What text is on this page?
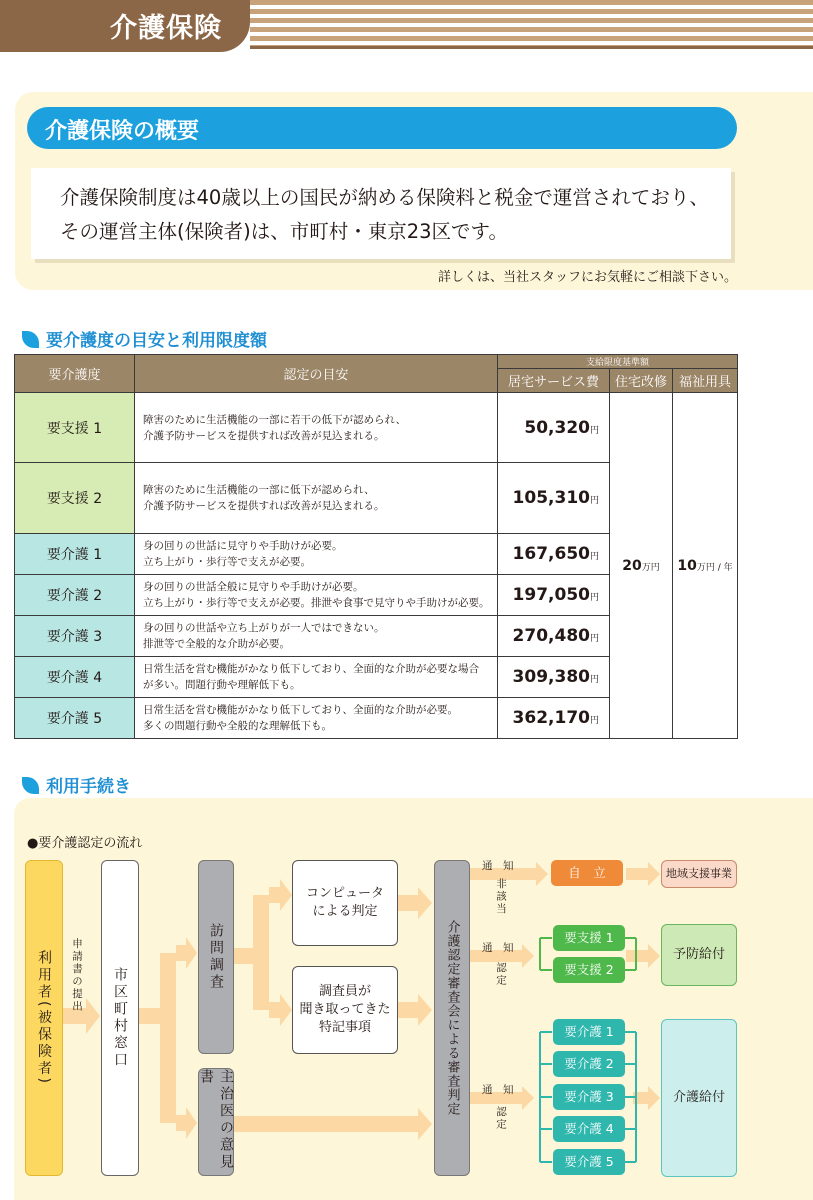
介護保険
介護保険の概要
介護保険制度は40歳以上の国民が納める保険料と税金で運営されており、
その運営主体(保険者)は、市町村・東京23区です。
詳しくは、当社スタッフにお気軽にご相談下さい。
要介護度の目安と利用限度額
要介護度	認定の目安	支給限度基準額		
		居宅サービス費	住宅改修	福祉用具
要支援 1	障害のために生活機能の一部に若干の低下が認められ、
介護予防サービスを提供すれば改善が見込まれる。	50,320円	20万円	10万円 / 年
要支援 2	障害のために生活機能の一部に低下が認められ、
介護予防サービスを提供すれば改善が見込まれる。	105,310円		
要介護 1	身の回りの世話に見守りや手助けが必要。
立ち上がり・歩行等で支えが必要。	167,650円		
要介護 2	身の回りの世話全般に見守りや手助けが必要。
立ち上がり・歩行等で支えが必要。排泄や食事で見守りや手助けが必要。	197,050円		
要介護 3	身の回りの世話や立ち上がりが一人ではできない。
排泄等で全般的な介助が必要。	270,480円		
要介護 4	日常生活を営む機能がかなり低下しており、全面的な介助が必要な場合
が多い。問題行動や理解低下も。	309,380円		
要介護 5	日常生活を営む機能がかなり低下しており、全面的な介助が必要。
多くの問題行動や全般的な理解低下も。	362,170円		
利用手続き
●要介護認定の流れ
利用者(被保険者)	申請書の提出	市区町村窓口
訪問調査
主治医の意見書
コンピュータ
による判定
調査員が
聞き取ってきた
特記事項	介護認定審査会による審査判定
通　知
非該当
通　知
認定
通　知
認定
自　立	地域支援事業
要支援 1
要支援 2
予防給付
要介護 1
要介護 2
要介護 3
要介護 4
要介護 5
介護給付
